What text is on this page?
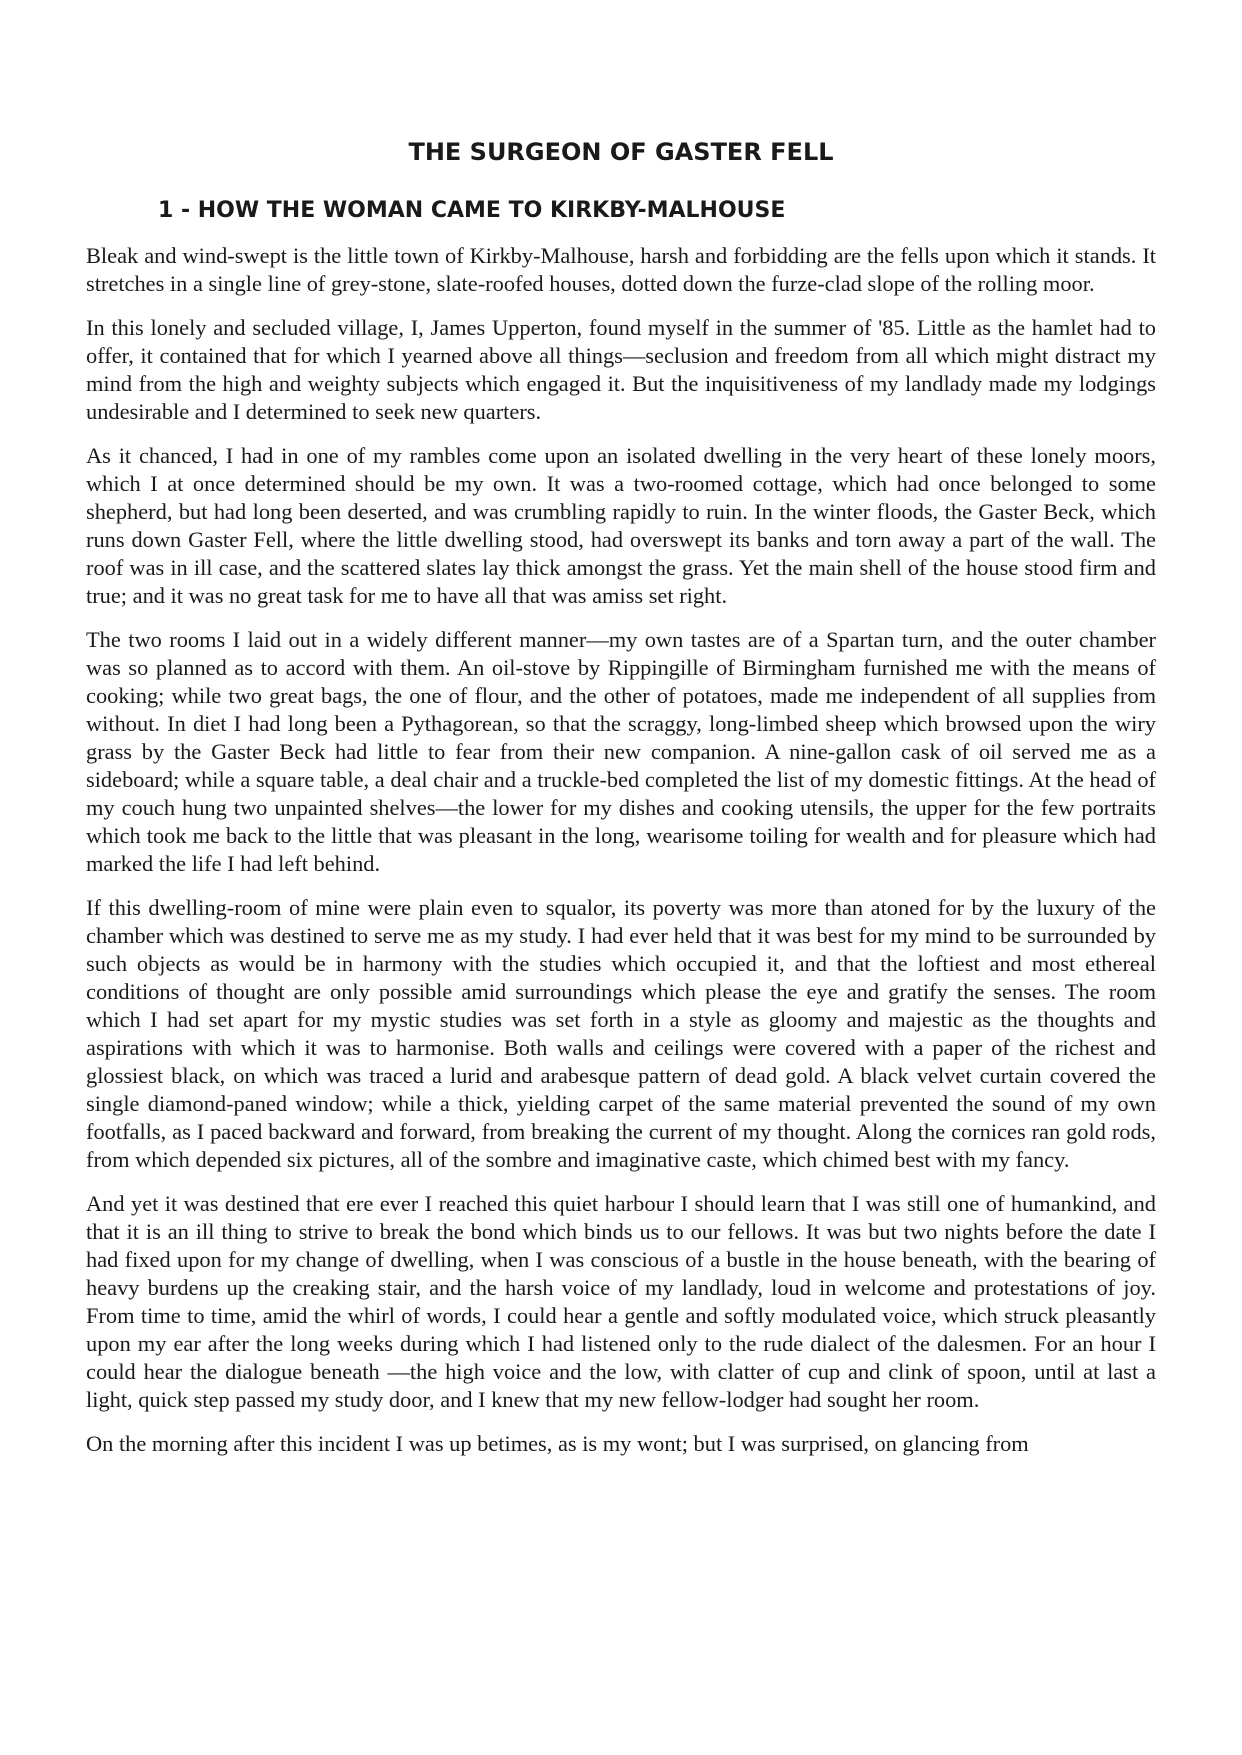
THE SURGEON OF GASTER FELL
1 - HOW THE WOMAN CAME TO KIRKBY-MALHOUSE

Bleak and wind-swept is the little town of Kirkby-Malhouse, harsh and forbidding are the fells upon which it stands. It stretches in a single line of grey-stone, slate-roofed houses, dotted down the furze-clad slope of the rolling moor.

In this lonely and secluded village, I, James Upperton, found myself in the summer of '85. Little as the hamlet had to offer, it contained that for which I yearned above all things—seclusion and freedom from all which might distract my mind from the high and weighty subjects which engaged it. But the inquisitiveness of my landlady made my lodgings undesirable and I determined to seek new quarters.

As it chanced, I had in one of my rambles come upon an isolated dwelling in the very heart of these lonely moors, which I at once determined should be my own. It was a two-roomed cottage, which had once belonged to some shepherd, but had long been deserted, and was crumbling rapidly to ruin. In the winter floods, the Gaster Beck, which runs down Gaster Fell, where the little dwelling stood, had overswept its banks and torn away a part of the wall. The roof was in ill case, and the scattered slates lay thick amongst the grass. Yet the main shell of the house stood firm and true; and it was no great task for me to have all that was amiss set right.

The two rooms I laid out in a widely different manner—my own tastes are of a Spartan turn, and the outer chamber was so planned as to accord with them. An oil-stove by Rippingille of Birmingham furnished me with the means of cooking; while two great bags, the one of flour, and the other of potatoes, made me independent of all supplies from without. In diet I had long been a Pythagorean, so that the scraggy, long-limbed sheep which browsed upon the wiry grass by the Gaster Beck had little to fear from their new companion. A nine-gallon cask of oil served me as a sideboard; while a square table, a deal chair and a truckle-bed completed the list of my domestic fittings. At the head of my couch hung two unpainted shelves—the lower for my dishes and cooking utensils, the upper for the few portraits which took me back to the little that was pleasant in the long, wearisome toiling for wealth and for pleasure which had marked the life I had left behind.

If this dwelling-room of mine were plain even to squalor, its poverty was more than atoned for by the luxury of the chamber which was destined to serve me as my study. I had ever held that it was best for my mind to be surrounded by such objects as would be in harmony with the studies which occupied it, and that the loftiest and most ethereal conditions of thought are only possible amid surroundings which please the eye and gratify the senses. The room which I had set apart for my mystic studies was set forth in a style as gloomy and majestic as the thoughts and aspirations with which it was to harmonise. Both walls and ceilings were covered with a paper of the richest and glossiest black, on which was traced a lurid and arabesque pattern of dead gold. A black velvet curtain covered the single diamond-paned window; while a thick, yielding carpet of the same material prevented the sound of my own footfalls, as I paced backward and forward, from breaking the current of my thought. Along the cornices ran gold rods, from which depended six pictures, all of the sombre and imaginative caste, which chimed best with my fancy.

And yet it was destined that ere ever I reached this quiet harbour I should learn that I was still one of humankind, and that it is an ill thing to strive to break the bond which binds us to our fellows. It was but two nights before the date I had fixed upon for my change of dwelling, when I was conscious of a bustle in the house beneath, with the bearing of heavy burdens up the creaking stair, and the harsh voice of my landlady, loud in welcome and protestations of joy. From time to time, amid the whirl of words, I could hear a gentle and softly modulated voice, which struck pleasantly upon my ear after the long weeks during which I had listened only to the rude dialect of the dalesmen. For an hour I could hear the dialogue beneath —the high voice and the low, with clatter of cup and clink of spoon, until at last a light, quick step passed my study door, and I knew that my new fellow-lodger had sought her room.

On the morning after this incident I was up betimes, as is my wont; but I was surprised, on glancing from
